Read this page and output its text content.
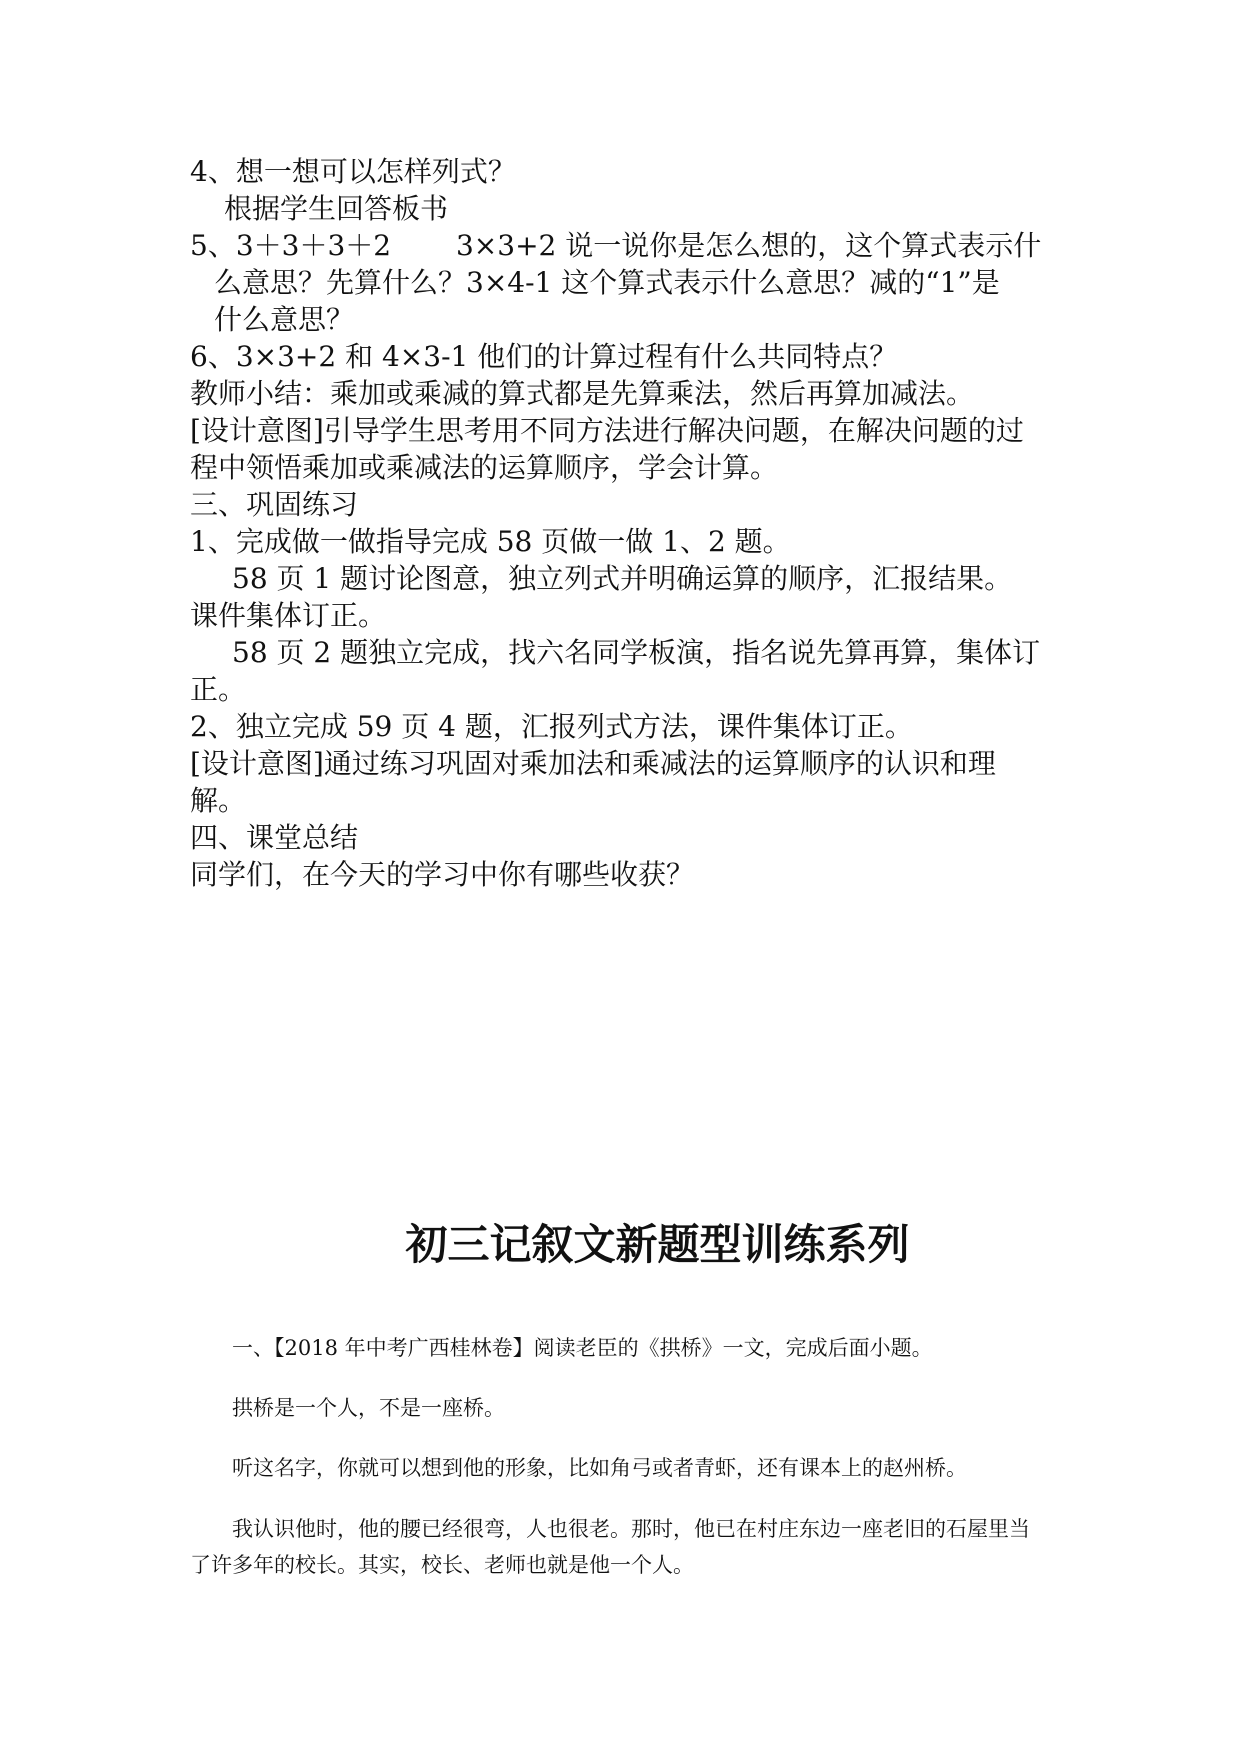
4、想一想可以怎样列式？
根据学生回答板书
5、3＋3＋3＋2　　 3×3+2 说一说你是怎么想的，这个算式表示什
么意思？先算什么？3×4-1 这个算式表示什么意思？减的“1”是
什么意思？
6、3×3+2 和 4×3-1 他们的计算过程有什么共同特点？
教师小结：乘加或乘减的算式都是先算乘法，然后再算加减法。
[设计意图]引导学生思考用不同方法进行解决问题，在解决问题的过
程中领悟乘加或乘减法的运算顺序，学会计算。
三、巩固练习
1、完成做一做指导完成 58 页做一做 1、2 题。
58 页 1 题讨论图意，独立列式并明确运算的顺序，汇报结果。
课件集体订正。
58 页 2 题独立完成，找六名同学板演，指名说先算再算，集体订
正。
2、独立完成 59 页 4 题，汇报列式方法，课件集体订正。
[设计意图]通过练习巩固对乘加法和乘减法的运算顺序的认识和理
解。
四、课堂总结
同学们，在今天的学习中你有哪些收获？
初三记叙文新题型训练系列
一、【2018 年中考广西桂林卷】阅读老臣的《拱桥》一文，完成后面小题。
拱桥是一个人，不是一座桥。
听这名字，你就可以想到他的形象，比如角弓或者青虾，还有课本上的赵州桥。
我认识他时，他的腰已经很弯，人也很老。那时，他已在村庄东边一座老旧的石屋里当
了许多年的校长。其实，校长、老师也就是他一个人。
